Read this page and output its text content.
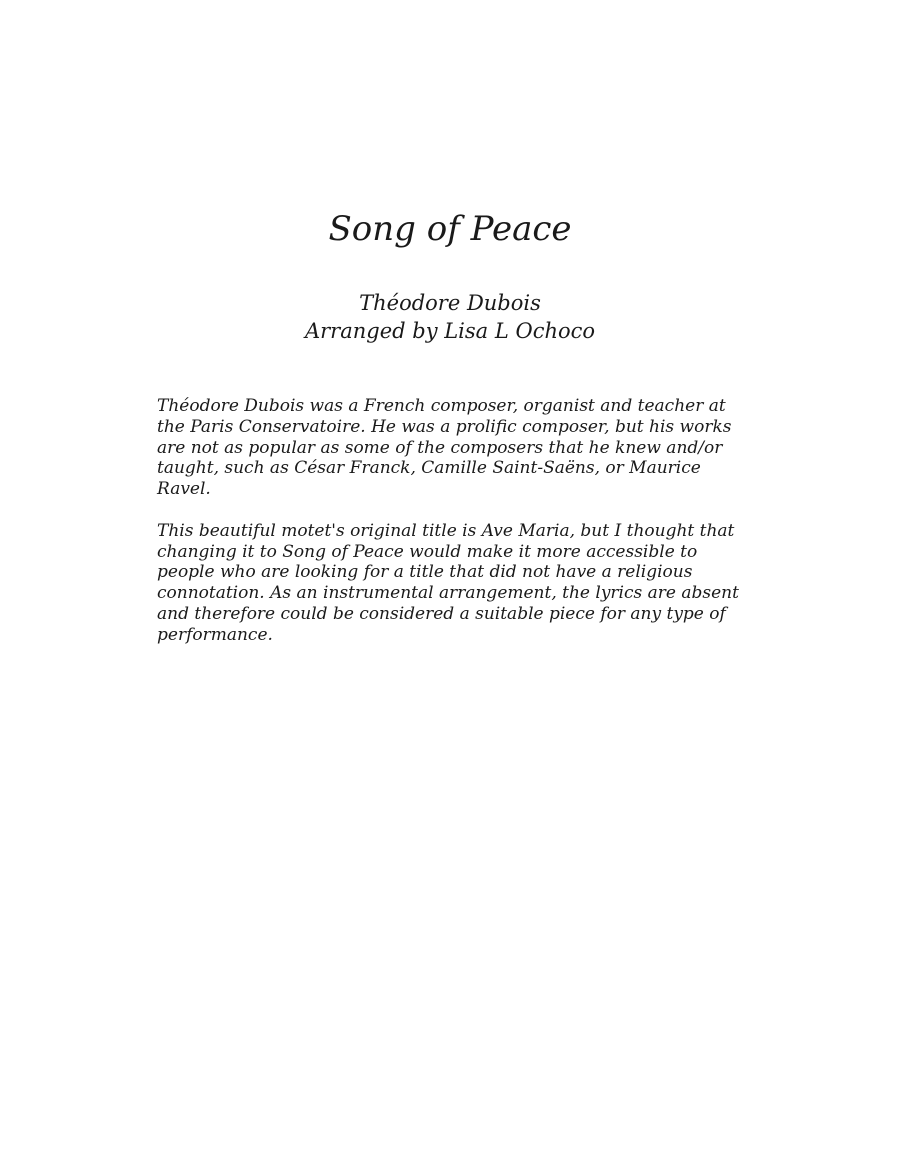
Song of Peace
Théodore Dubois
Arranged by Lisa L Ochoco

Théodore Dubois was a French composer, organist and teacher at the Paris Conservatoire. He was a prolific composer, but his works are not as popular as some of the composers that he knew and/or taught, such as César Franck, Camille Saint-Saëns, or Maurice Ravel.

This beautiful motet's original title is Ave Maria, but I thought that changing it to Song of Peace would make it more accessible to people who are looking for a title that did not have a religious connotation. As an instrumental arrangement, the lyrics are absent and therefore could be considered a suitable piece for any type of performance.
